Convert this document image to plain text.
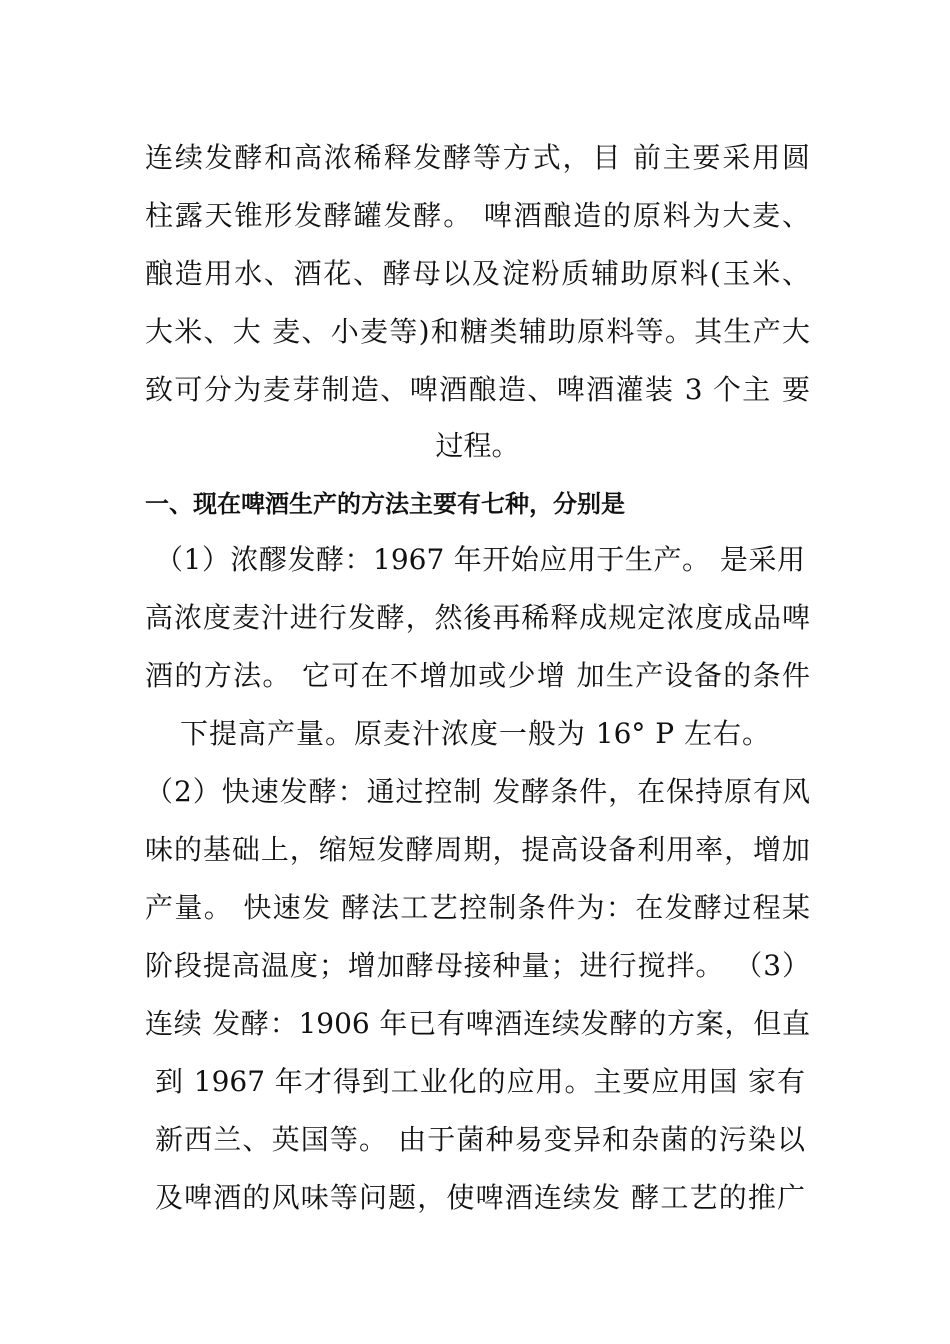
连续发酵和高浓稀释发酵等方式，目 前主要采用圆
柱露天锥形发酵罐发酵。 啤酒酿造的原料为大麦、
酿造用水、酒花、酵母以及淀粉质辅助原料(玉米、
大米、大 麦、小麦等)和糖类辅助原料等。其生产大
致可分为麦芽制造、啤酒酿造、啤酒灌装 3 个主 要
过程。
一、现在啤酒生产的方法主要有七种，分别是
（1）浓醪发酵：1967 年开始应用于生产。 是采用
高浓度麦汁进行发酵，然後再稀释成规定浓度成品啤
酒的方法。 它可在不增加或少增 加生产设备的条件
下提高产量。原麦汁浓度一般为 16° P 左右。
（2）快速发酵：通过控制 发酵条件，在保持原有风
味的基础上，缩短发酵周期，提高设备利用率，增加
产量。 快速发 酵法工艺控制条件为：在发酵过程某
阶段提高温度；增加酵母接种量；进行搅拌。 （3）
连续 发酵：1906 年已有啤酒连续发酵的方案，但直
到 1967 年才得到工业化的应用。主要应用国 家有
新西兰、英国等。 由于菌种易变异和杂菌的污染以
及啤酒的风味等问题，使啤酒连续发 酵工艺的推广
